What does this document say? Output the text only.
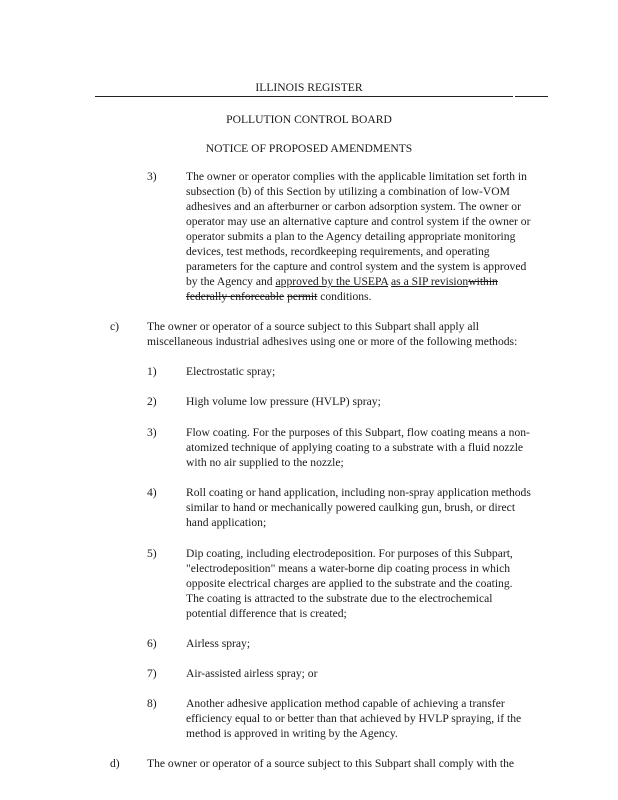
ILLINOIS REGISTER
POLLUTION CONTROL BOARD
NOTICE OF PROPOSED AMENDMENTS
3)	The owner or operator complies with the applicable limitation set forth in
subsection (b) of this Section by utilizing a combination of low-VOM
adhesives and an afterburner or carbon adsorption system. The owner or
operator may use an alternative capture and control system if the owner or
operator submits a plan to the Agency detailing appropriate monitoring
devices, test methods, recordkeeping requirements, and operating
parameters for the capture and control system and the system is approved
by the Agency and approved by the USEPA as a SIP revisionwithin
federally enforceable permit conditions.
c) The owner or operator of a source subject to this Subpart shall apply all
miscellaneous industrial adhesives using one or more of the following methods:
1)	Electrostatic spray;
2)	High volume low pressure (HVLP) spray;
3)	Flow coating. For the purposes of this Subpart, flow coating means a non-
atomized technique of applying coating to a substrate with a fluid nozzle
with no air supplied to the nozzle;
4)	Roll coating or hand application, including non-spray application methods
similar to hand or mechanically powered caulking gun, brush, or direct
hand application;
5)	Dip coating, including electrodeposition. For purposes of this Subpart,
"electrodeposition" means a water-borne dip coating process in which
opposite electrical charges are applied to the substrate and the coating.
The coating is attracted to the substrate due to the electrochemical
potential difference that is created;
6)	Airless spray;
7)	Air-assisted airless spray; or
8)	Another adhesive application method capable of achieving a transfer
efficiency equal to or better than that achieved by HVLP spraying, if the
method is approved in writing by the Agency.
d) The owner or operator of a source subject to this Subpart shall comply with the
